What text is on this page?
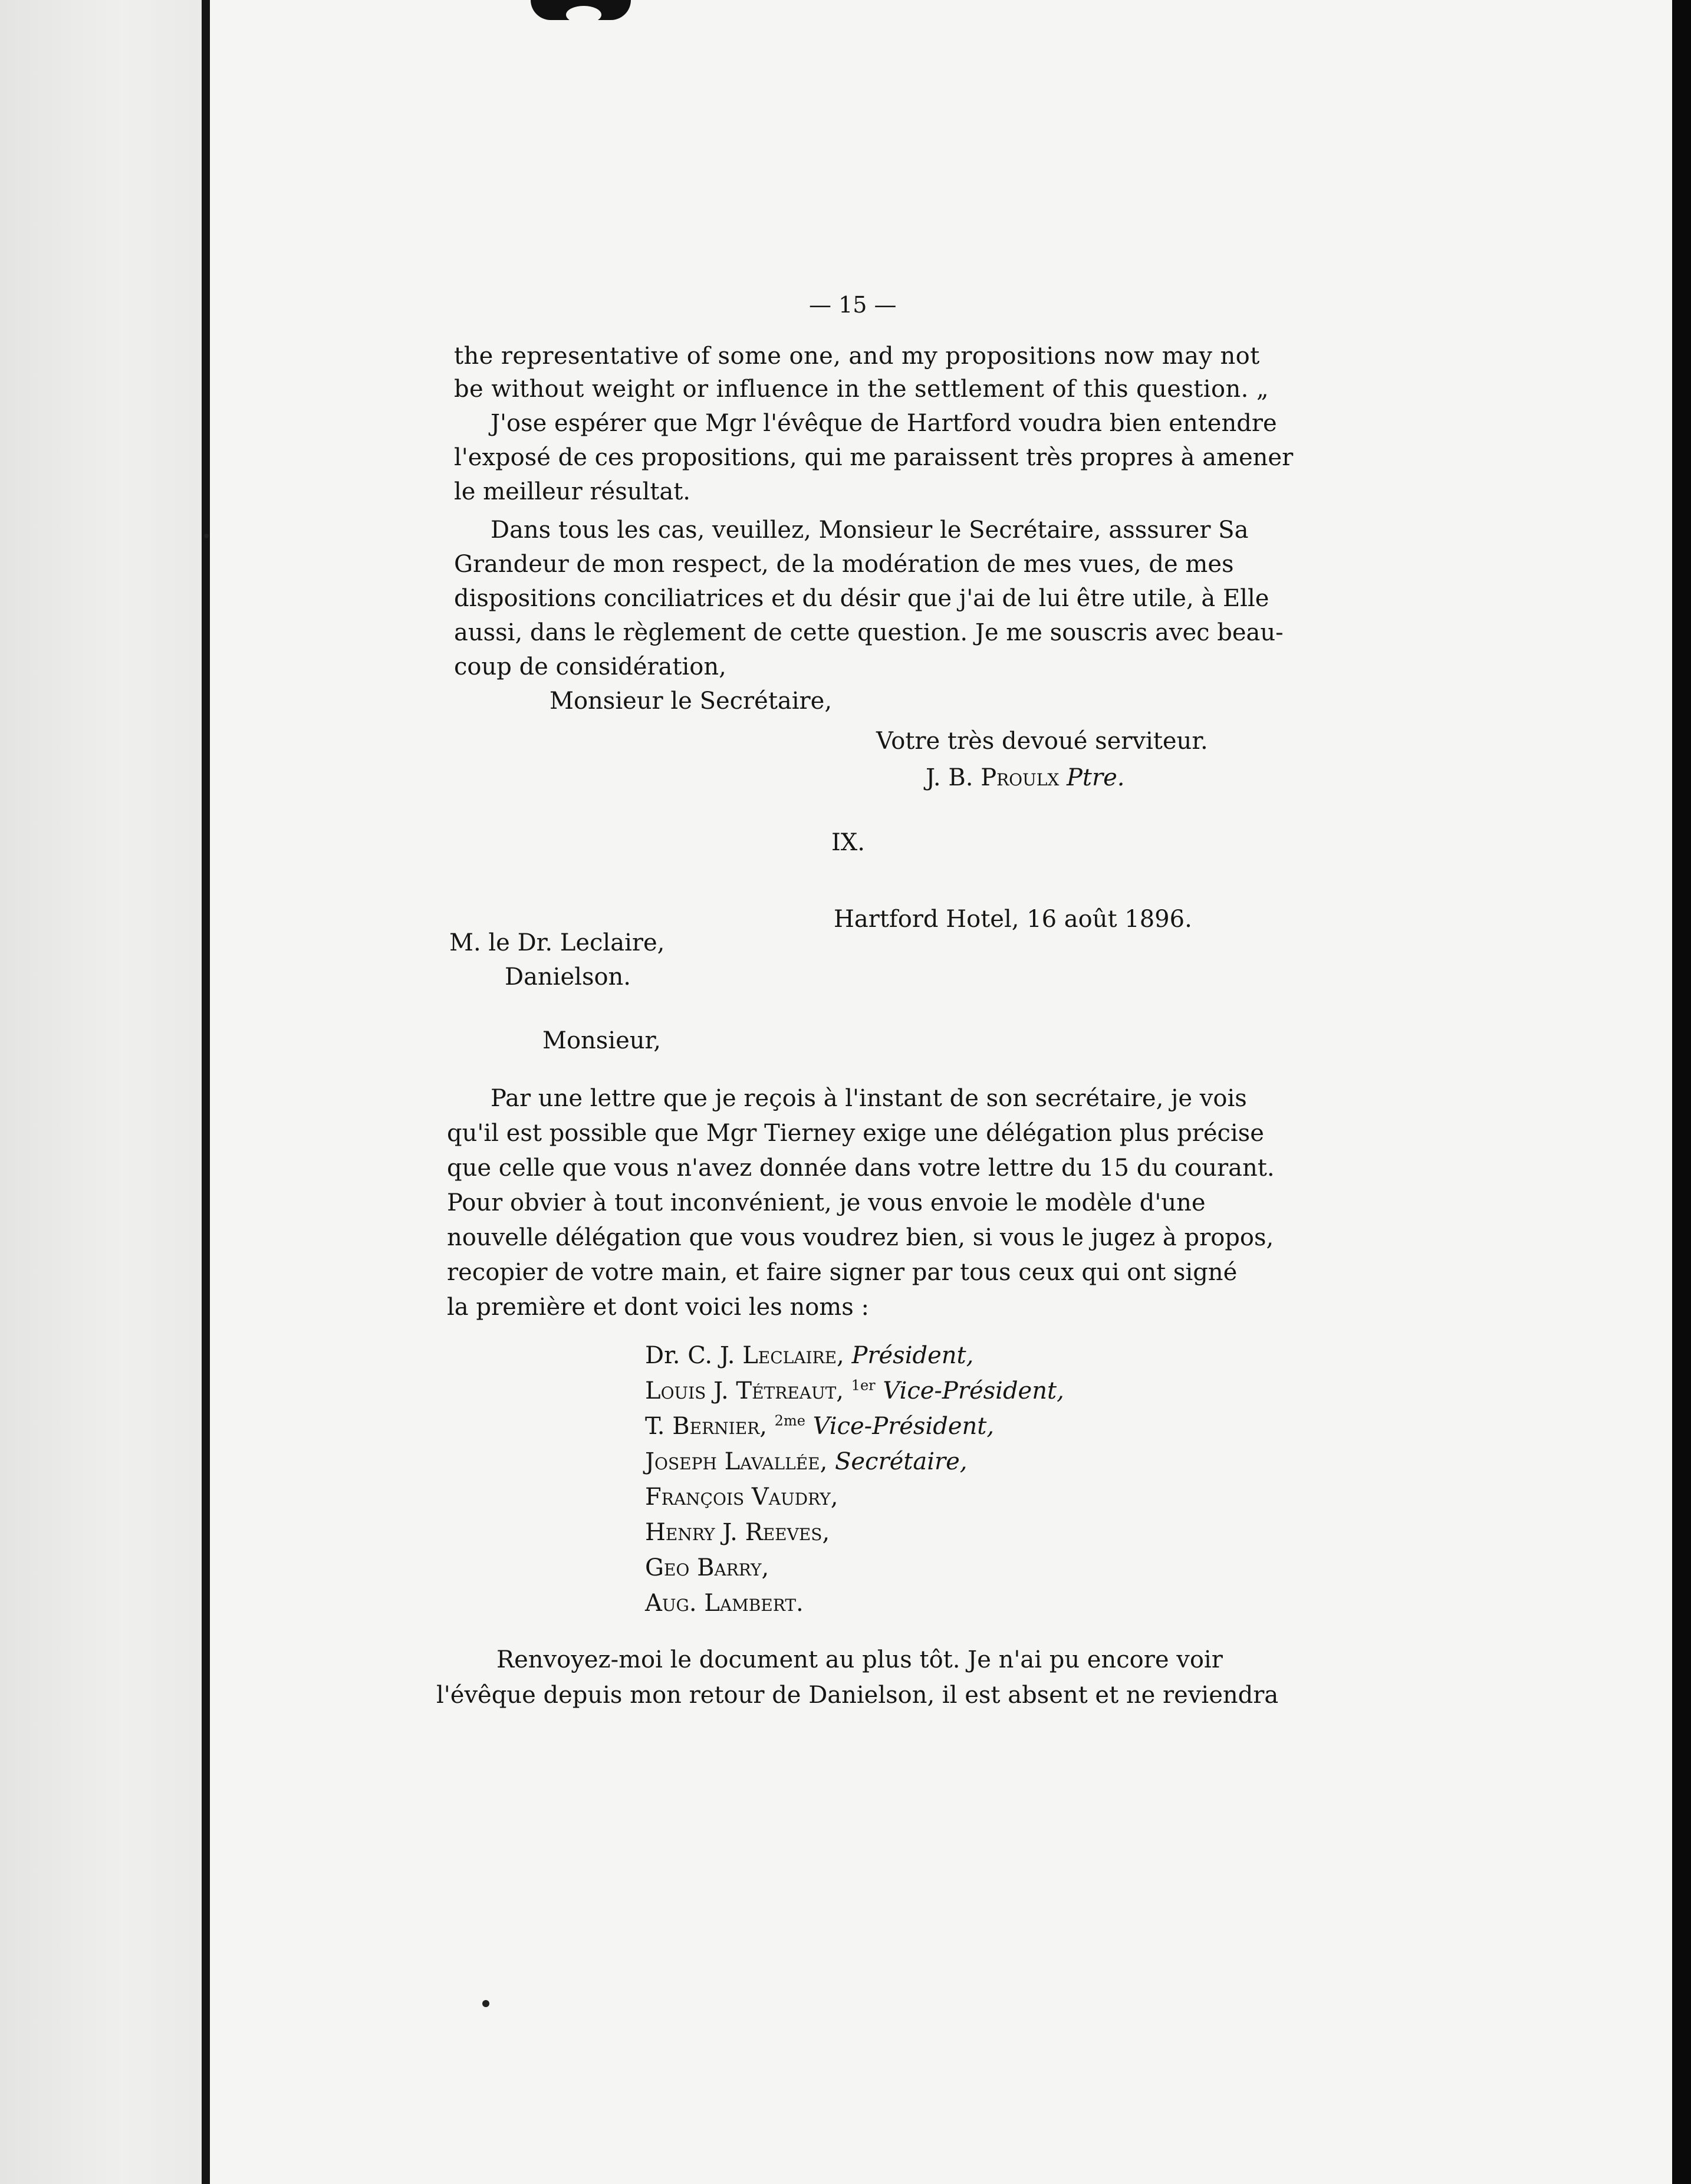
— 15 —
the representative of some one, and my propositions now may not
be without weight or influence in the settlement of this question. „
J'ose espérer que Mgr l'évêque de Hartford voudra bien entendre
l'exposé de ces propositions, qui me paraissent très propres à amener
le meilleur résultat.
Dans tous les cas, veuillez, Monsieur le Secrétaire, asssurer Sa
Grandeur de mon respect, de la modération de mes vues, de mes
dispositions conciliatrices et du désir que j'ai de lui être utile, à Elle
aussi, dans le règlement de cette question. Je me souscris avec beau-
coup de considération,
Monsieur le Secrétaire,
Votre très devoué serviteur.
J. B. Proulx Ptre.
IX.
Hartford Hotel, 16 août 1896.
M. le Dr. Leclaire,
Danielson.
Monsieur,
Par une lettre que je reçois à l'instant de son secrétaire, je vois
qu'il est possible que Mgr Tierney exige une délégation plus précise
que celle que vous n'avez donnée dans votre lettre du 15 du courant.
Pour obvier à tout inconvénient, je vous envoie le modèle d'une
nouvelle délégation que vous voudrez bien, si vous le jugez à propos,
recopier de votre main, et faire signer par tous ceux qui ont signé
la première et dont voici les noms :
Dr. C. J. Leclaire, Président,
Louis J. Tétreaut, $^{1er}$ Vice-Président,
T. Bernier, $^{2me}$ Vice-Président,
Joseph Lavallée, Secrétaire,
François Vaudry,
Henry J. Reeves,
Geo Barry,
Aug. Lambert.
Renvoyez-moi le document au plus tôt. Je n'ai pu encore voir
l'évêque depuis mon retour de Danielson, il est absent et ne reviendra
